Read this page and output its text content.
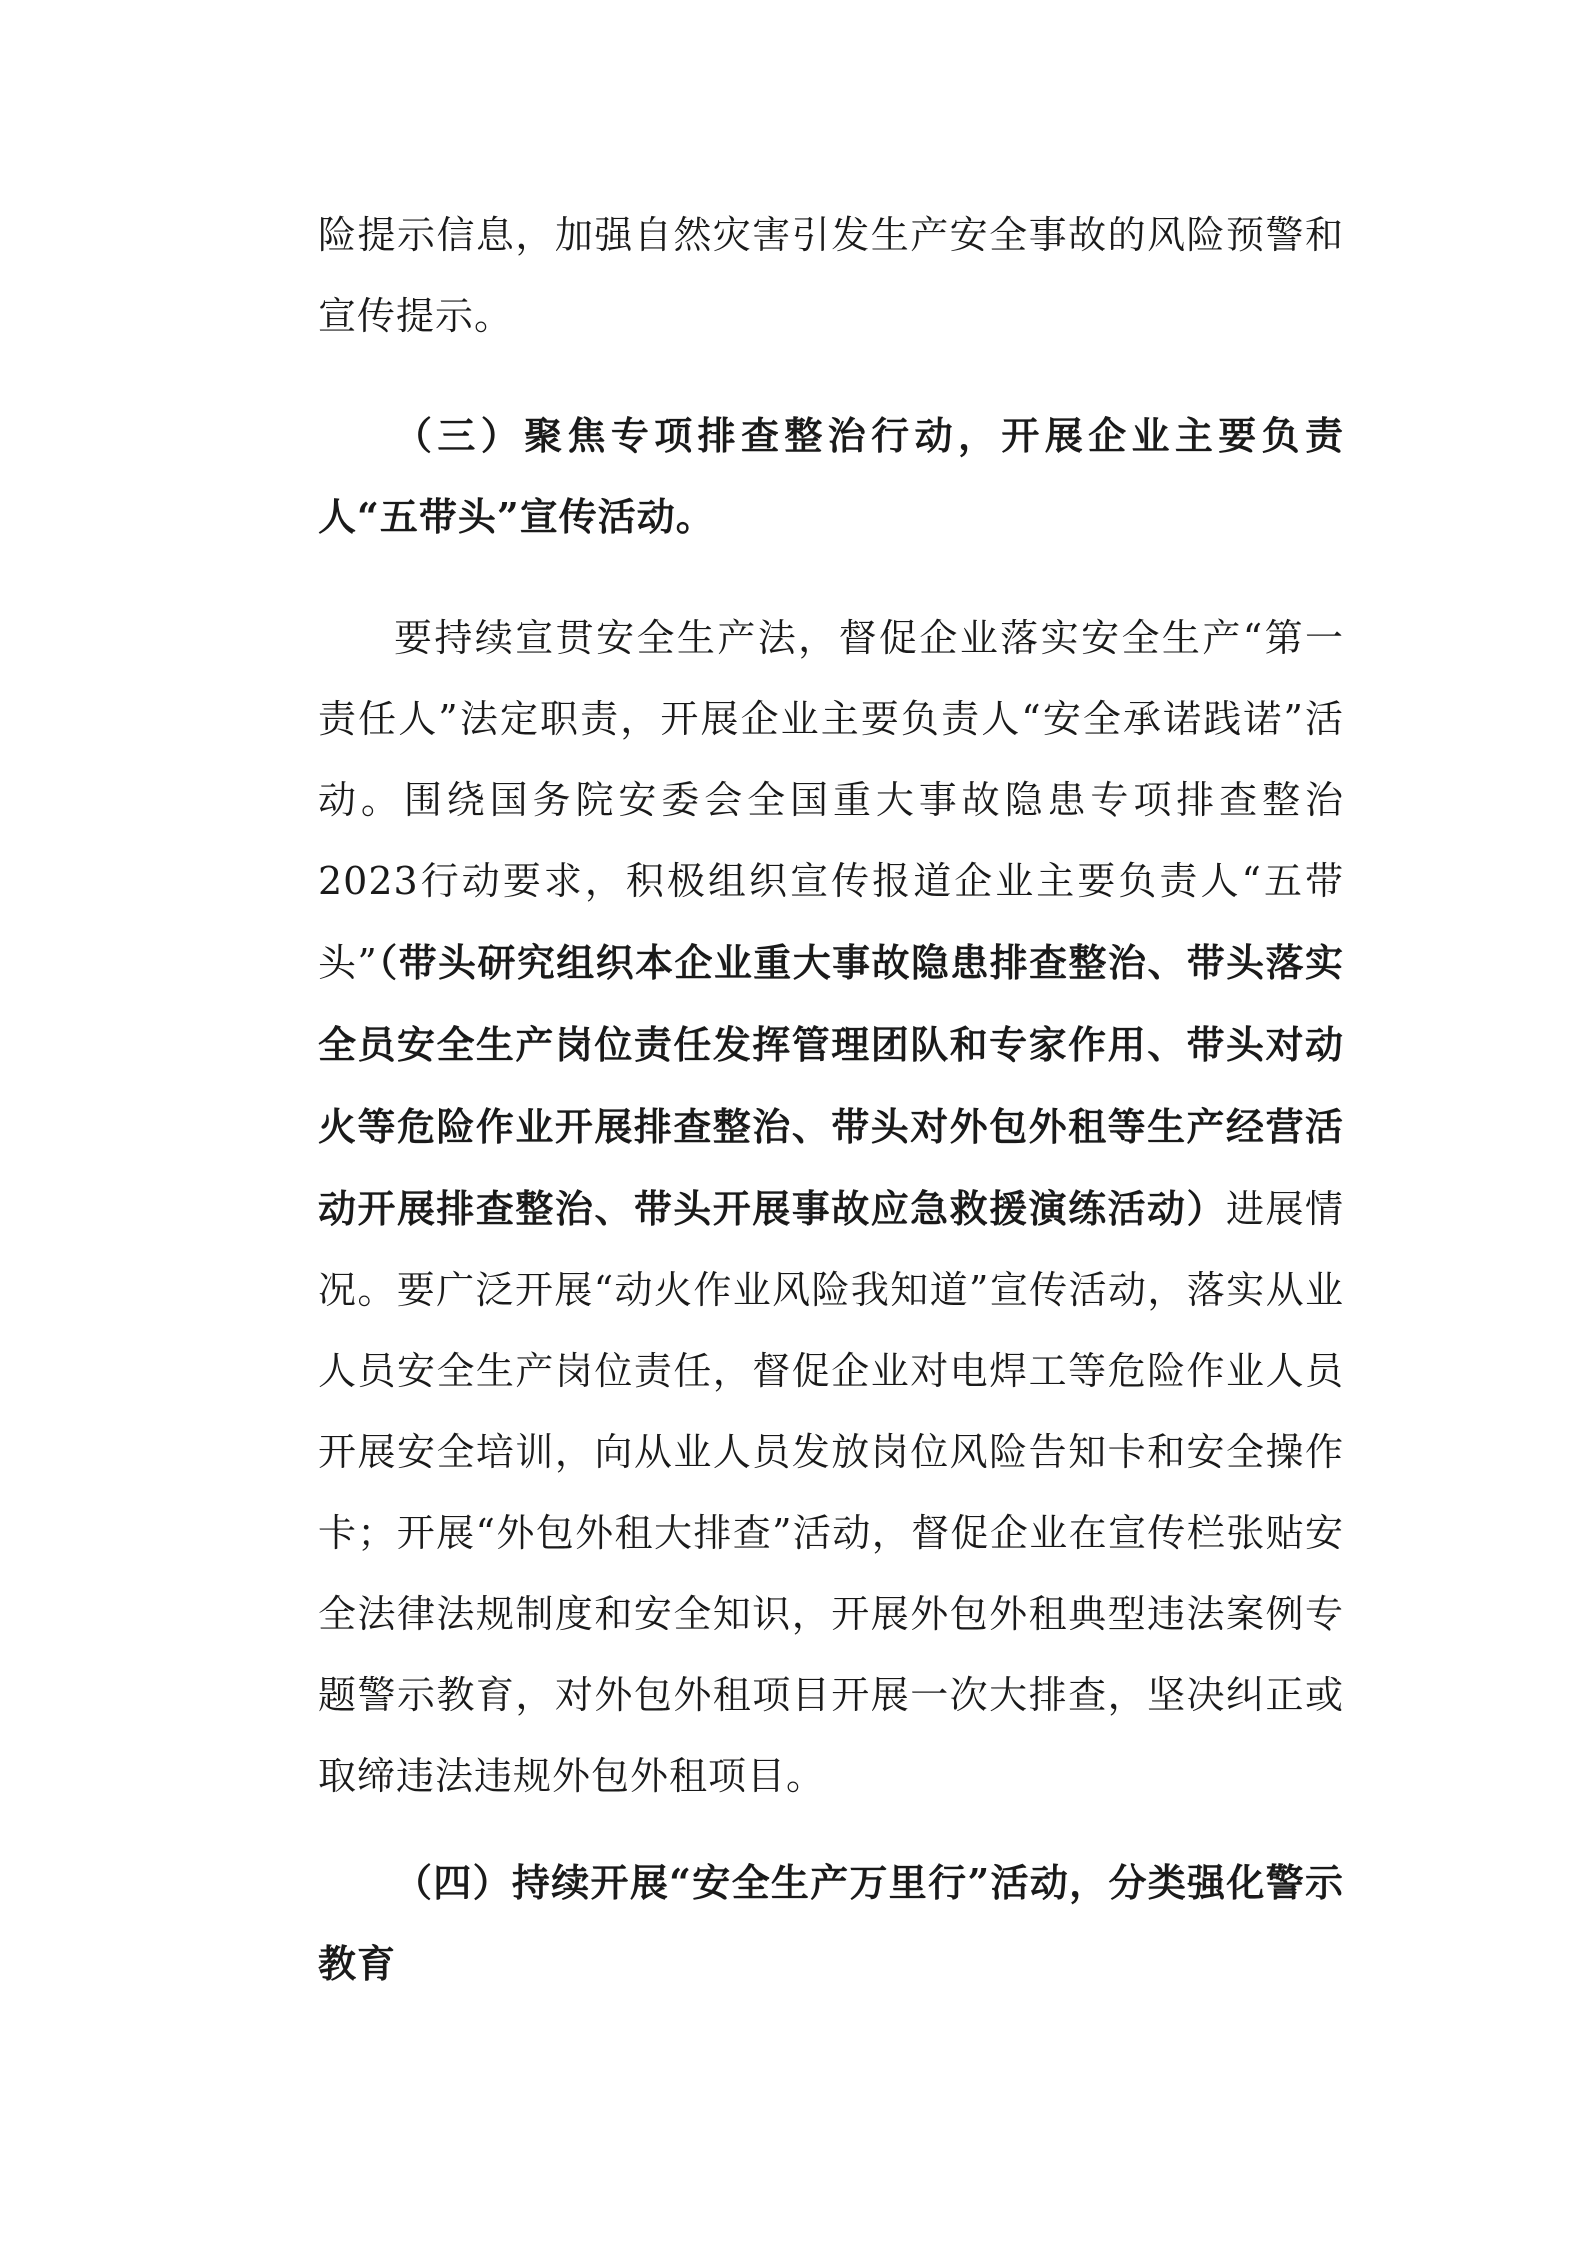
险提示信息，加强自然灾害引发生产安全事故的风险预警和宣传提示。

（三）聚焦专项排查整治行动，开展企业主要负责人“五带头”宣传活动。

要持续宣贯安全生产法，督促企业落实安全生产“第一责任人”法定职责，开展企业主要负责人“安全承诺践诺”活动。围绕国务院安委会全国重大事故隐患专项排查整治2023行动要求，积极组织宣传报道企业主要负责人“五带头”（带头研究组织本企业重大事故隐患排查整治、带头落实全员安全生产岗位责任发挥管理团队和专家作用、带头对动火等危险作业开展排查整治、带头对外包外租等生产经营活动开展排查整治、带头开展事故应急救援演练活动）进展情况。要广泛开展“动火作业风险我知道”宣传活动，落实从业人员安全生产岗位责任，督促企业对电焊工等危险作业人员开展安全培训，向从业人员发放岗位风险告知卡和安全操作卡；开展“外包外租大排查”活动，督促企业在宣传栏张贴安全法律法规制度和安全知识，开展外包外租典型违法案例专题警示教育，对外包外租项目开展一次大排查，坚决纠正或取缔违法违规外包外租项目。

（四）持续开展“安全生产万里行”活动，分类强化警示教育
